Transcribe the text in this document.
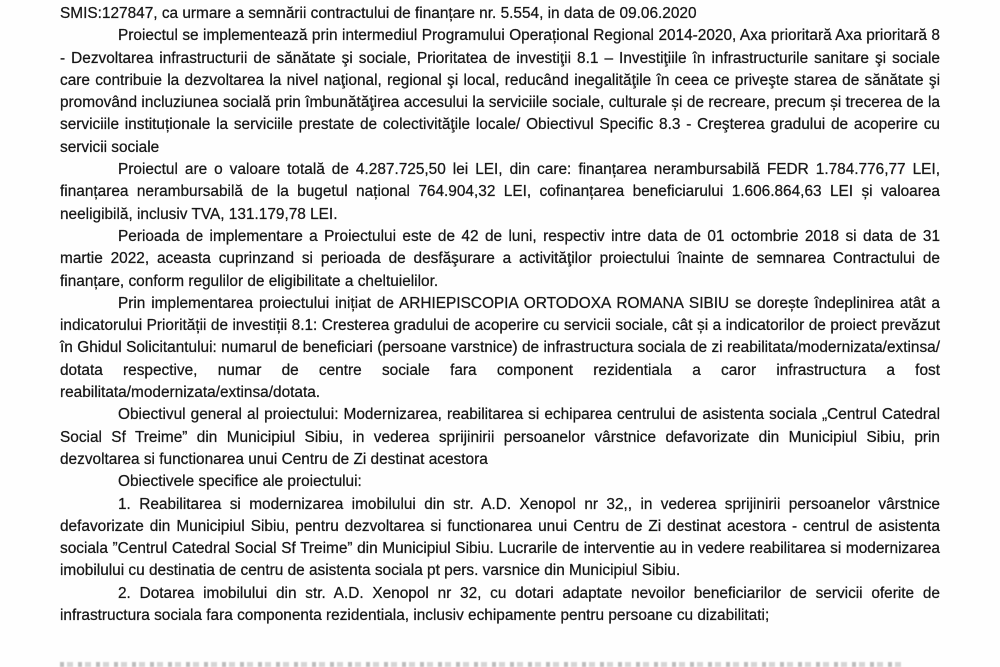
SMIS:127847, ca urmare a semnării contractului de finanțare nr. 5.554, in data de 09.06.2020

Proiectul se implementează prin intermediul Programului Operațional Regional 2014-2020, Axa prioritară Axa prioritară 8 - Dezvoltarea infrastructurii de sănătate şi sociale, Prioritatea de investiţii 8.1 – Investiţiile în infrastructurile sanitare şi sociale care contribuie la dezvoltarea la nivel naţional, regional şi local, reducând inegalităţile în ceea ce priveşte starea de sănătate şi promovând incluziunea socială prin îmbunătăţirea accesului la serviciile sociale, culturale și de recreare, precum și trecerea de la serviciile instituționale la serviciile prestate de colectivităţile locale/ Obiectivul Specific 8.3 - Creşterea gradului de acoperire cu servicii sociale

Proiectul are o valoare totală de 4.287.725,50 lei LEI, din care: finanțarea nerambursabilă FEDR 1.784.776,77 LEI, finanțarea nerambursabilă de la bugetul național 764.904,32 LEI, cofinanțarea beneficiarului 1.606.864,63 LEI și valoarea neeligibilă, inclusiv TVA, 131.179,78 LEI.

Perioada de implementare a Proiectului este de 42 de luni, respectiv intre data de 01 octombrie 2018 si data de 31 martie 2022, aceasta cuprinzand si perioada de desfăşurare a activităţilor proiectului înainte de semnarea Contractului de finanțare, conform regulilor de eligibilitate a cheltuielilor.

Prin implementarea proiectului inițiat de ARHIEPISCOPIA ORTODOXA ROMANA SIBIU se dorește îndeplinirea atât a indicatorului Priorității de investiții 8.1: Cresterea gradului de acoperire cu servicii sociale, cât și a indicatorilor de proiect prevăzut în Ghidul Solicitantului: numarul de beneficiari (persoane varstnice) de infrastructura sociala de zi reabilitata/modernizata/extinsa/ dotata respective, numar de centre sociale fara component rezidentiala a caror infrastructura a fost reabilitata/modernizata/extinsa/dotata.

Obiectivul general al proiectului: Modernizarea, reabilitarea si echiparea centrului de asistenta sociala „Centrul Catedral Social Sf Treime” din Municipiul Sibiu, in vederea sprijinirii persoanelor vârstnice defavorizate din Municipiul Sibiu, prin dezvoltarea si functionarea unui Centru de Zi destinat acestora

Obiectivele specifice ale proiectului:

1. Reabilitarea si modernizarea imobilului din str. A.D. Xenopol nr 32,, in vederea sprijinirii persoanelor vârstnice defavorizate din Municipiul Sibiu, pentru dezvoltarea si functionarea unui Centru de Zi destinat acestora - centrul de asistenta sociala ”Centrul Catedral Social Sf Treime” din Municipiul Sibiu. Lucrarile de interventie au in vedere reabilitarea si modernizarea imobilului cu destinatia de centru de asistenta sociala pt pers. varsnice din Municipiul Sibiu.

2. Dotarea imobilului din str. A.D. Xenopol nr 32, cu dotari adaptate nevoilor beneficiarilor de servicii oferite de infrastructura sociala fara componenta rezidentiala, inclusiv echipamente pentru persoane cu dizabilitati;
